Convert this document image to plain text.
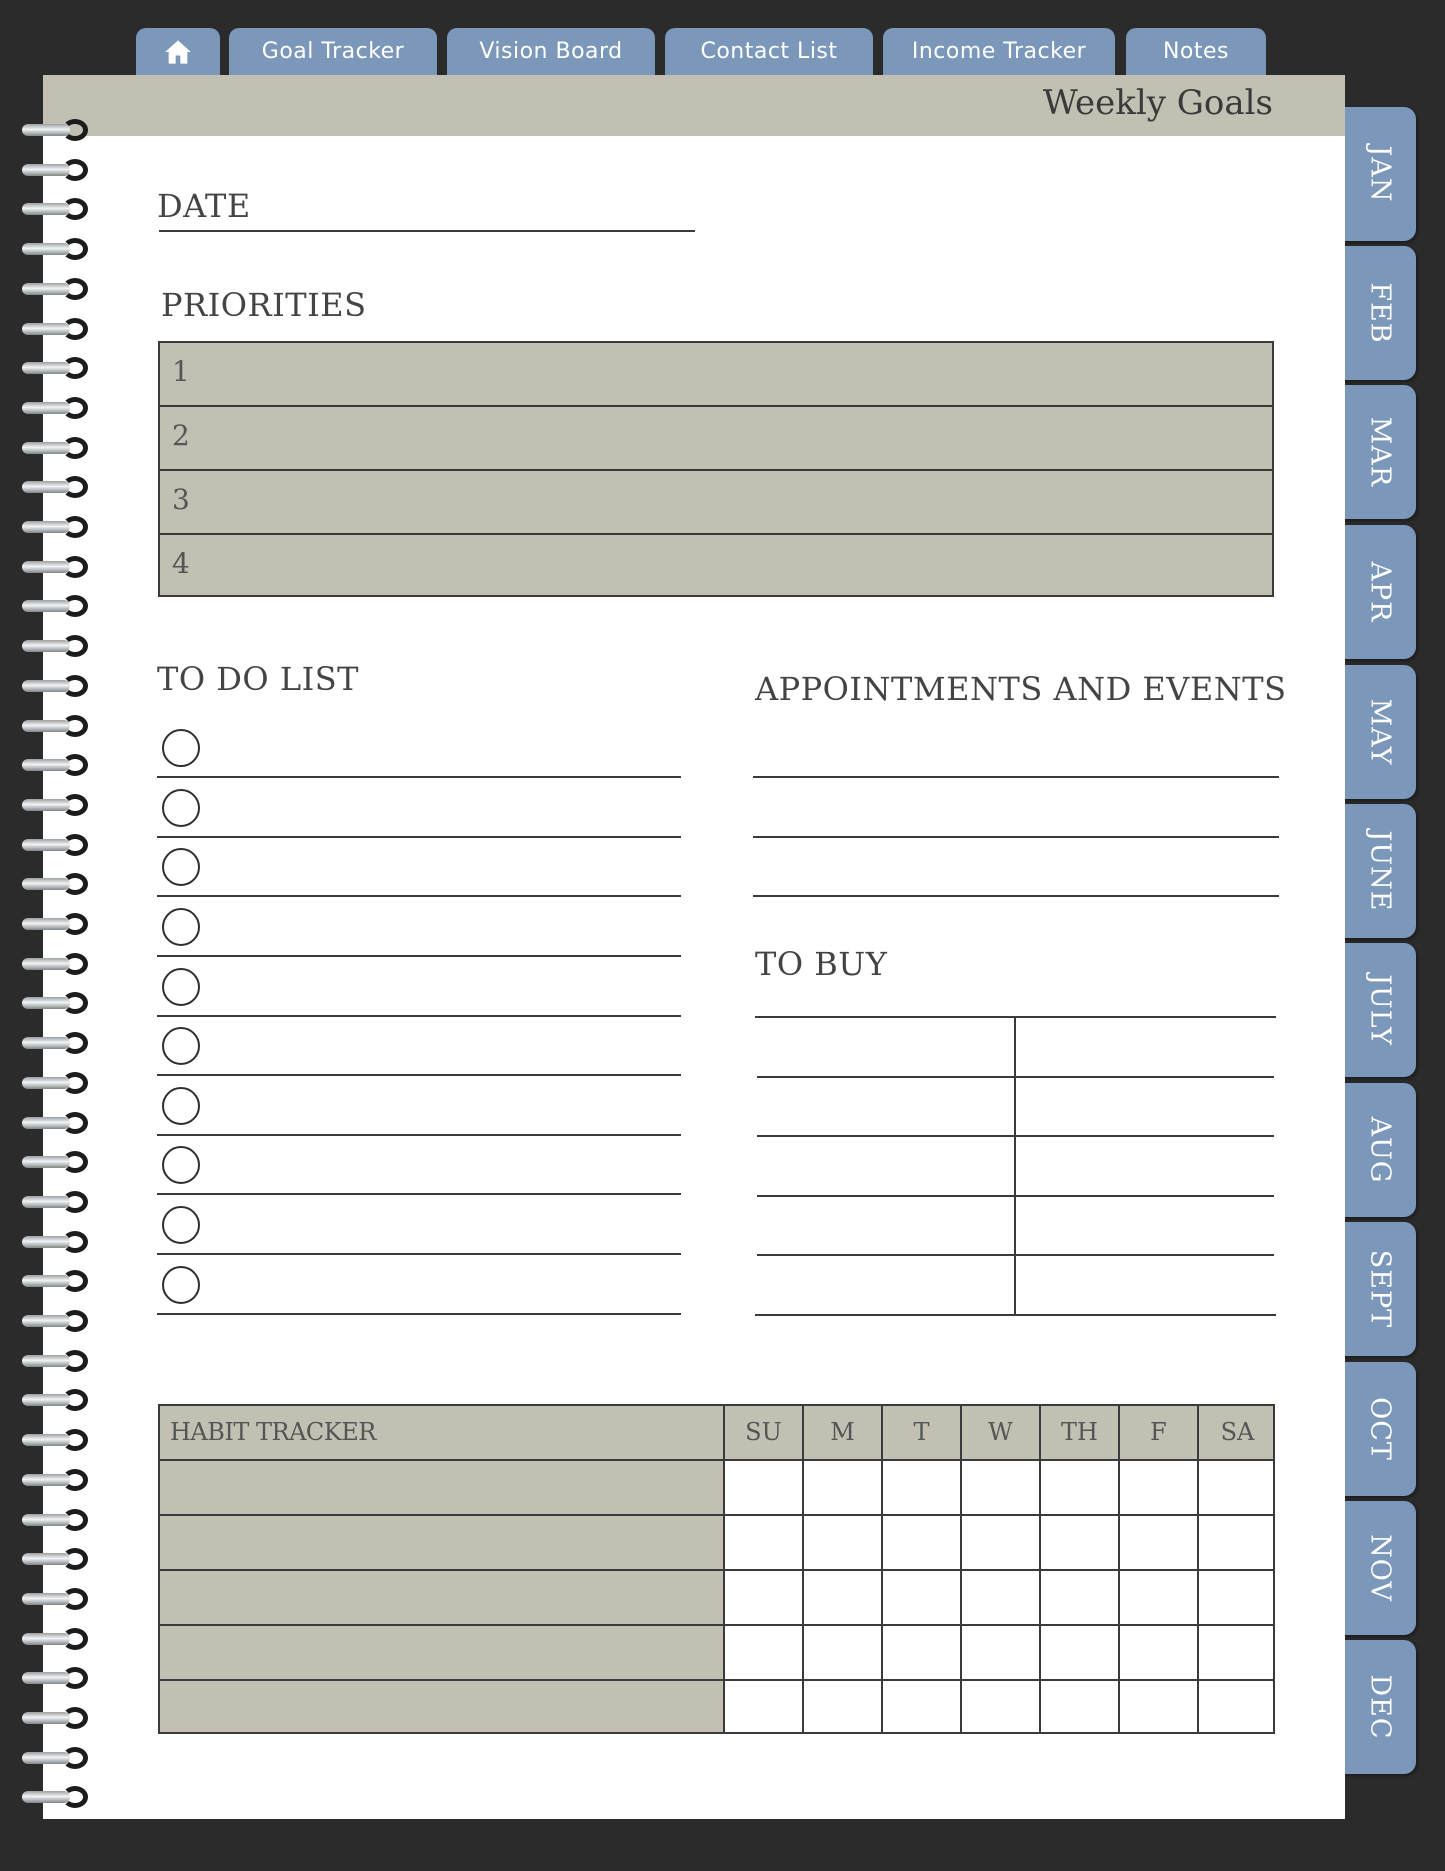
Goal Tracker	Vision Board	Contact List	Income Tracker	Notes
JAN
FEB
MAR
APR
MAY
JUNE
JULY
AUG
SEPT
OCT
NOV
DEC
Weekly Goals
DATE
PRIORITIES
1
2
3
4
TO DO LIST	APPOINTMENTS AND EVENTS
TO BUY
HABIT TRACKER	SU	M	T	W	TH	F	SA
